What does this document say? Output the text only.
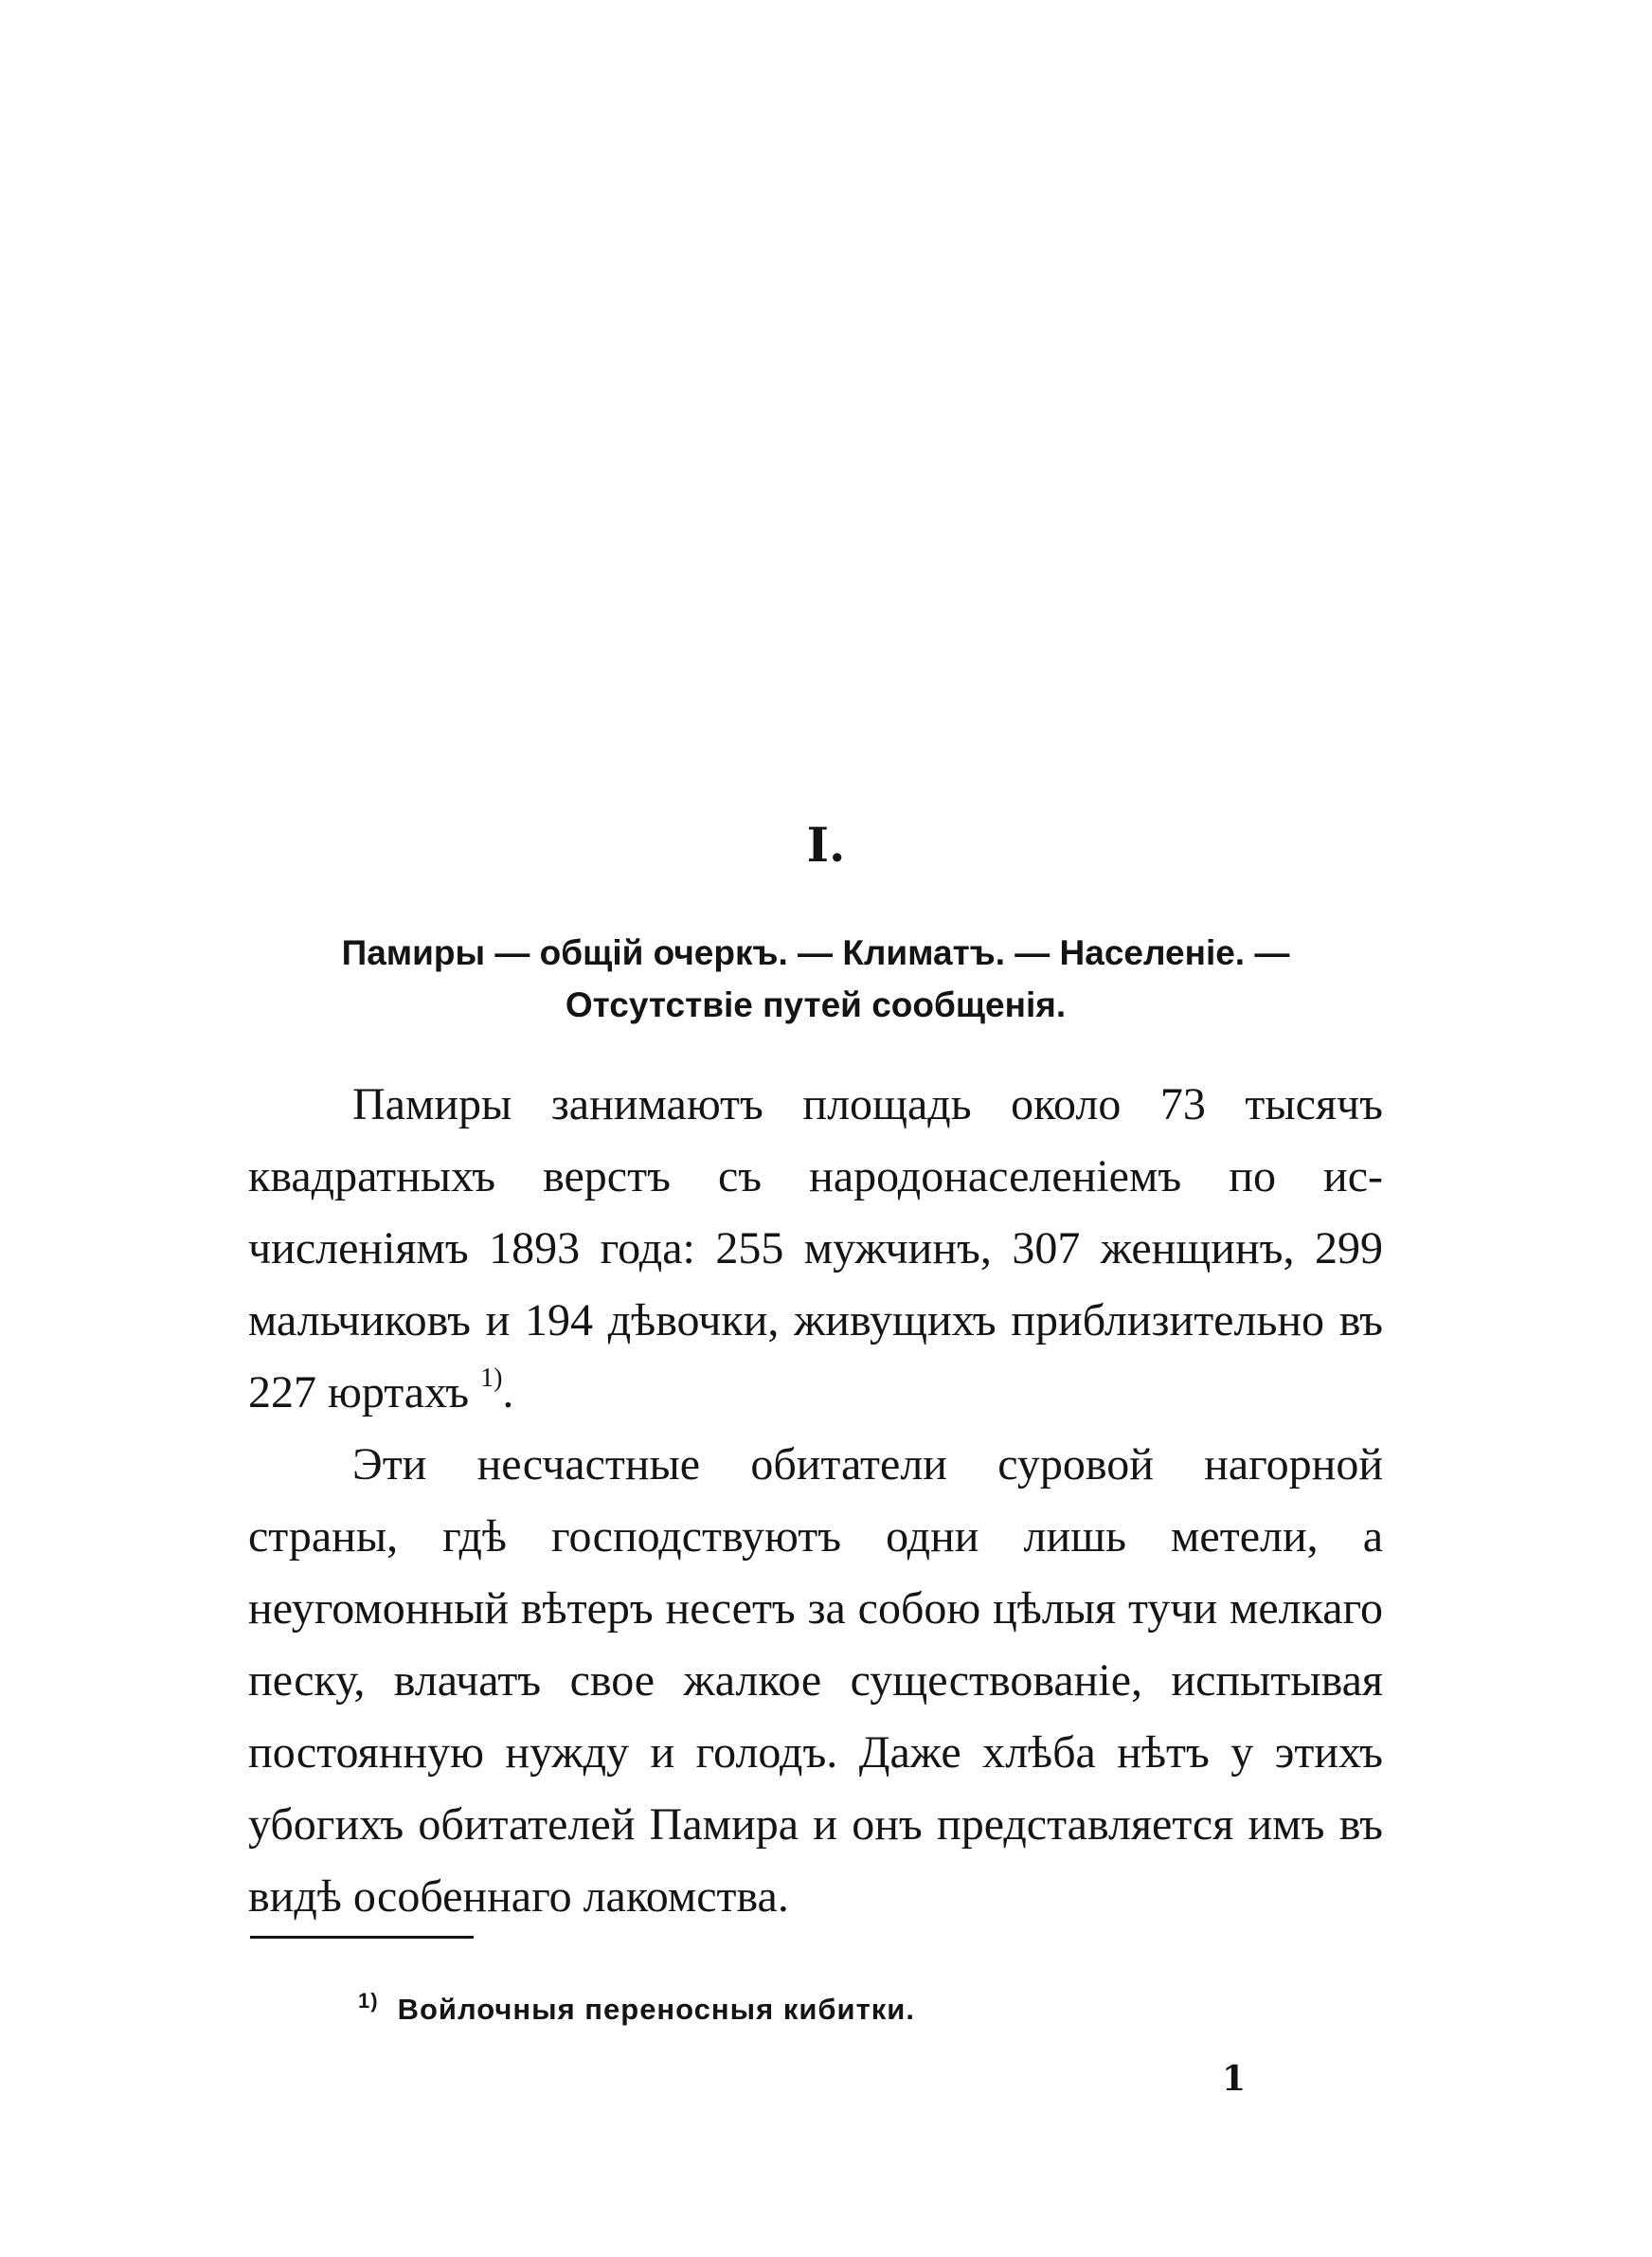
I.
Памиры — общій очеркъ. — Климатъ. — Населеніе. —
Отсутствіе путей сообщенія.

Памиры занимаютъ площадь около 73 тысячъ квадратныхъ верстъ съ народонаселеніемъ по исчисленіямъ 1893 года: 255 мужчинъ, 307 женщинъ, 299 мальчиковъ и 194 дѣвочки, живущихъ приблизительно въ 227 юртахъ $^{1)}$.

Эти несчастные обитатели суровой нагорной страны, гдѣ господствуютъ одни лишь метели, а неугомонный вѣтеръ несетъ за собою цѣлыя тучи мелкаго песку, влачатъ свое жалкое существованіе, испытывая постоянную нужду и голодъ. Даже хлѣба нѣтъ у этихъ убогихъ обитателей Памира и онъ представляется имъ въ видѣ особеннаго лакомства.

$^{1)}$ Войлочныя переносныя кибитки.
1
